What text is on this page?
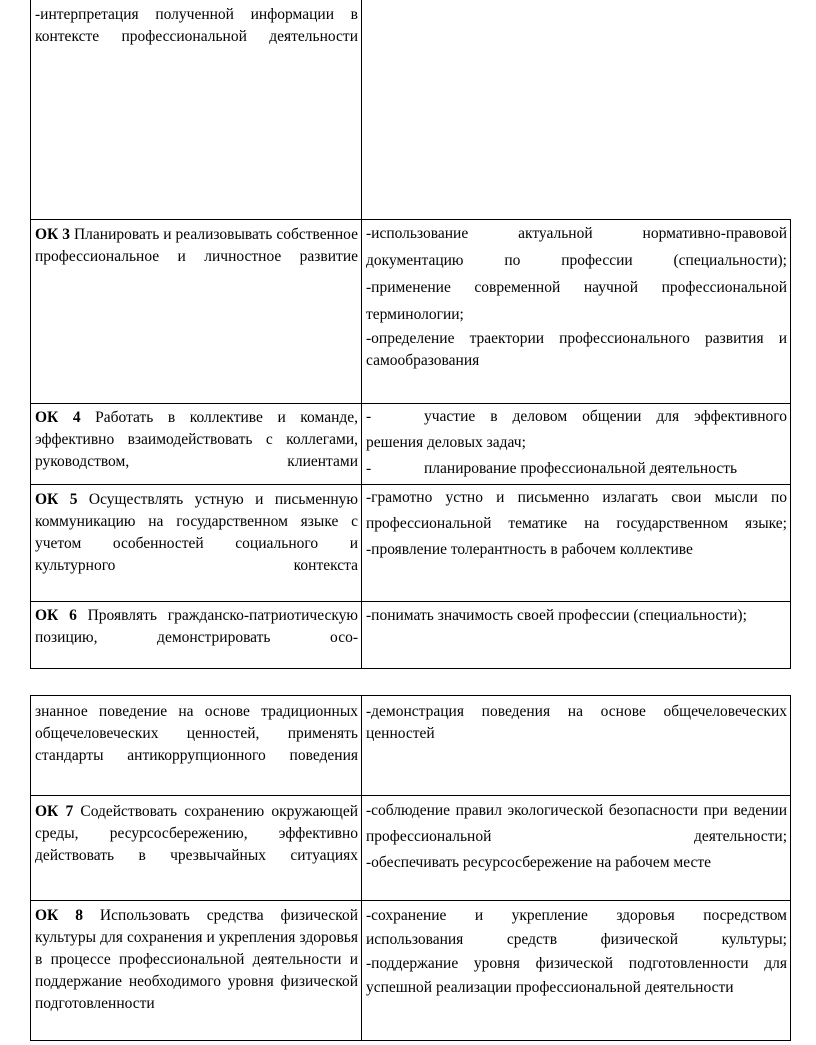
-интерпретация полученной информации в контексте профессиональной деятельности	
ОК 3 Планировать и реализовывать собственное профессиональное и личностное развитие	-использование актуальной нормативно-правовой документацию по профессии (специальности);

-применение современной научной профессиональной терминологии;

-определение траектории профессионального развития и самообразования

ОК 4 Работать в коллективе и команде, эффективно взаимодействовать с коллегами, руководством, клиентами	- участие в деловом общении для эффективного решения деловых задач;

- планирование профессиональной деятельность

ОК 5 Осуществлять устную и письменную коммуникацию на государственном языке с учетом особенностей социального и культурного контекста	-грамотно устно и письменно излагать свои мысли по профессиональной тематике на государственном языке;

-проявление толерантность в рабочем коллективе

ОК 6 Проявлять гражданско-патриотическую позицию, демонстрировать осо-	-понимать значимость своей профессии (специальности);

знанное поведение на основе традиционных общечеловеческих ценностей, применять стандарты антикоррупционного поведения	-демонстрация поведения на основе общечеловеческих ценностей

ОК 7 Содействовать сохранению окружающей среды, ресурсосбережению, эффективно действовать в чрезвычайных ситуациях	-соблюдение правил экологической безопасности при ведении профессиональной деятельности;

-обеспечивать ресурсосбережение на рабочем месте

ОК 8 Использовать средства физической культуры для сохранения и укрепления здоровья в процессе профессиональной деятельности и поддержание необходимого уровня физической подготовленности	-сохранение и укрепление здоровья посредством использования средств физической культуры;

-поддержание уровня физической подготовленности для успешной реализации профессиональной деятельности
